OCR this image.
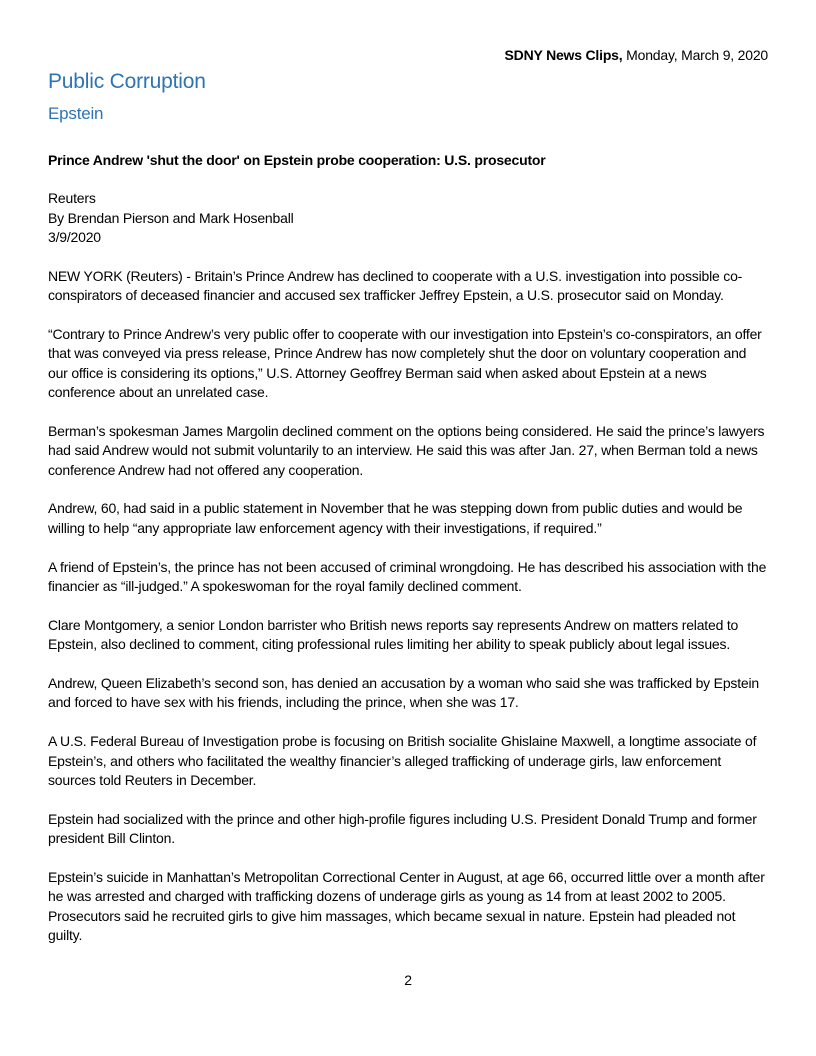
SDNY News Clips, Monday, March 9, 2020
Public Corruption
Epstein

Prince Andrew 'shut the door' on Epstein probe cooperation: U.S. prosecutor

Reuters
By Brendan Pierson and Mark Hosenball
3/9/2020

NEW YORK (Reuters) - Britain’s Prince Andrew has declined to cooperate with a U.S. investigation into possible co-conspirators of deceased financier and accused sex trafficker Jeffrey Epstein, a U.S. prosecutor said on Monday.

“Contrary to Prince Andrew’s very public offer to cooperate with our investigation into Epstein’s co-conspirators, an offer that was conveyed via press release, Prince Andrew has now completely shut the door on voluntary cooperation and our office is considering its options,” U.S. Attorney Geoffrey Berman said when asked about Epstein at a news conference about an unrelated case.

Berman’s spokesman James Margolin declined comment on the options being considered. He said the prince’s lawyers had said Andrew would not submit voluntarily to an interview. He said this was after Jan. 27, when Berman told a news conference Andrew had not offered any cooperation.

Andrew, 60, had said in a public statement in November that he was stepping down from public duties and would be willing to help “any appropriate law enforcement agency with their investigations, if required.”

A friend of Epstein’s, the prince has not been accused of criminal wrongdoing. He has described his association with the financier as “ill-judged.” A spokeswoman for the royal family declined comment.

Clare Montgomery, a senior London barrister who British news reports say represents Andrew on matters related to Epstein, also declined to comment, citing professional rules limiting her ability to speak publicly about legal issues.

Andrew, Queen Elizabeth’s second son, has denied an accusation by a woman who said she was trafficked by Epstein and forced to have sex with his friends, including the prince, when she was 17.

A U.S. Federal Bureau of Investigation probe is focusing on British socialite Ghislaine Maxwell, a longtime associate of Epstein’s, and others who facilitated the wealthy financier’s alleged trafficking of underage girls, law enforcement sources told Reuters in December.

Epstein had socialized with the prince and other high-profile figures including U.S. President Donald Trump and former president Bill Clinton.

Epstein’s suicide in Manhattan’s Metropolitan Correctional Center in August, at age 66, occurred little over a month after he was arrested and charged with trafficking dozens of underage girls as young as 14 from at least 2002 to 2005. Prosecutors said he recruited girls to give him massages, which became sexual in nature. Epstein had pleaded not guilty.

2
